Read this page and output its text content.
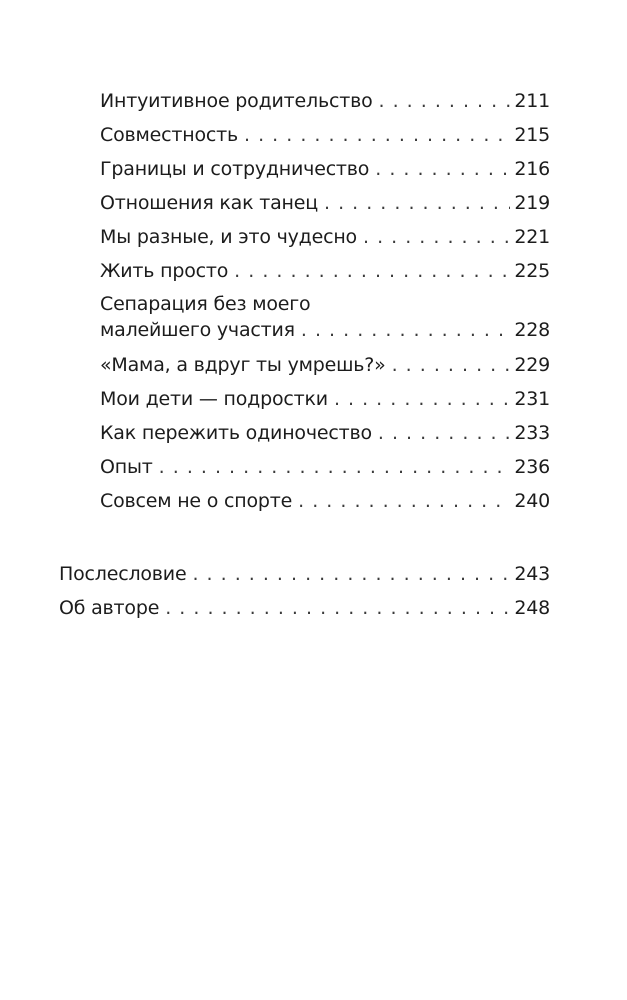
Интуитивное родительство . . .	211
Совместность . . .	215
Границы и сотрудничество . . .	216
Отношения как танец . . .	219
Мы разные, и это чудесно . . .	221
Жить просто . . .	225
Сепарация без моего
малейшего участия . . .	228
«Мама, а вдруг ты умрешь?» . . .	229
Мои дети — подростки . . .	231
Как пережить одиночество . . .	233
Опыт . . .	236
Совсем не о спорте . . .	240
Послесловие . . .	243
Об авторе . . .	248
